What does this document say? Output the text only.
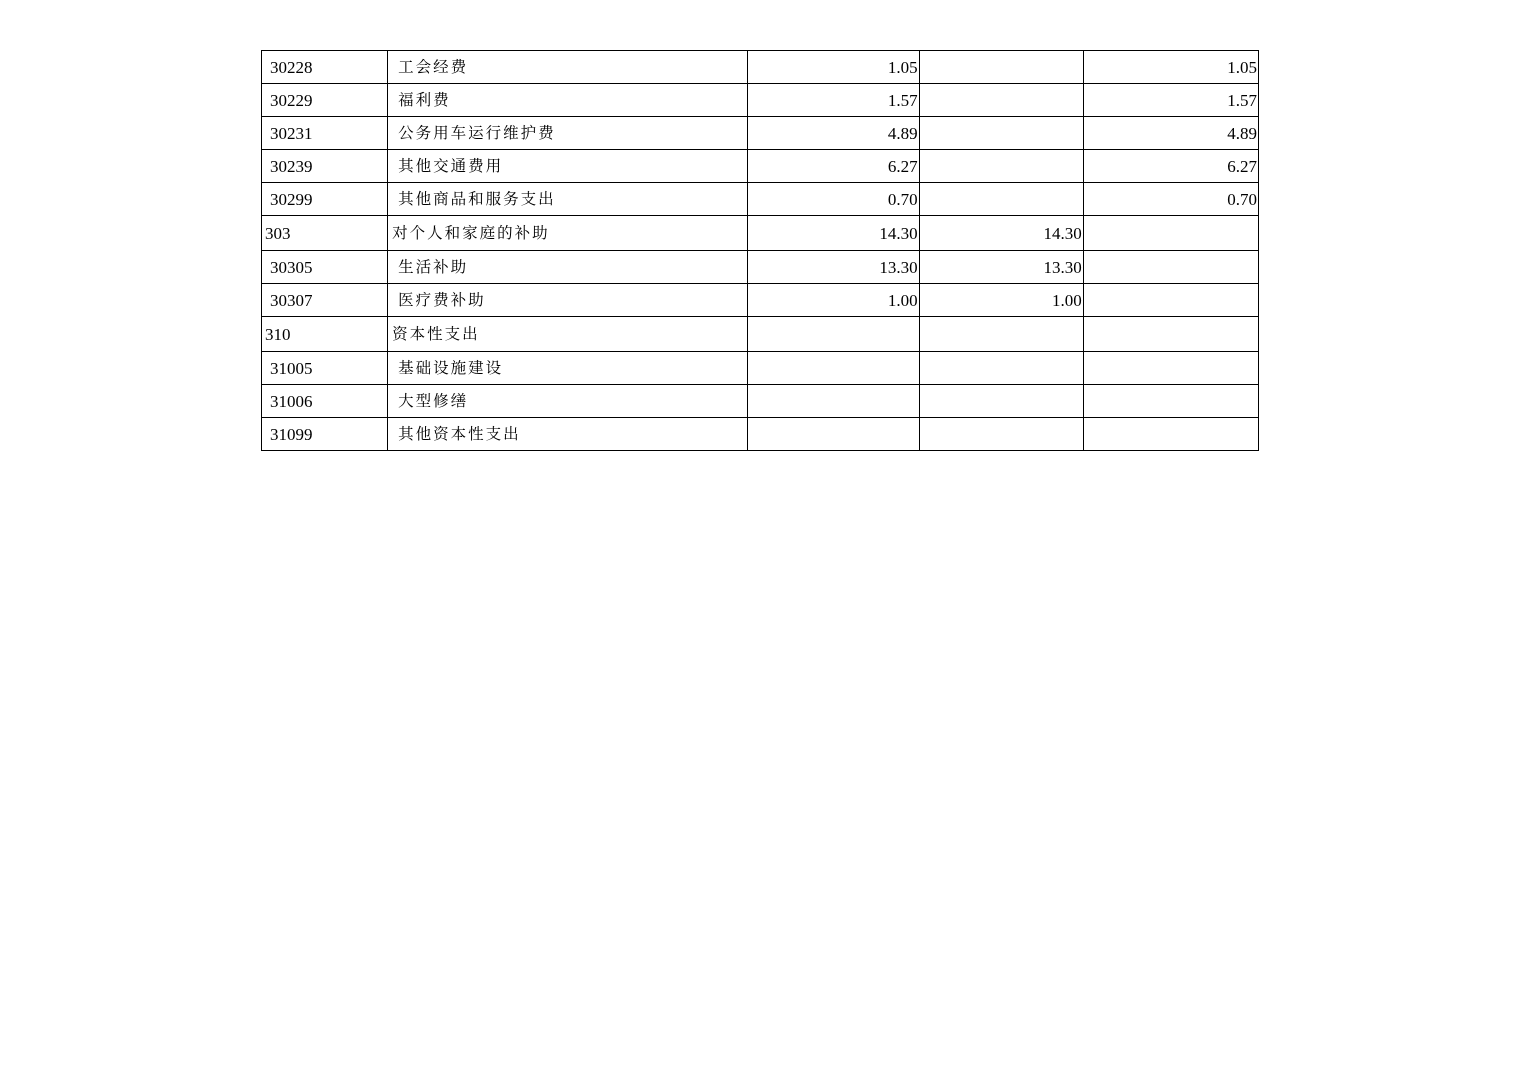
30228	工会经费	1.05		1.05
30229	福利费	1.57		1.57
30231	公务用车运行维护费	4.89		4.89
30239	其他交通费用	6.27		6.27
30299	其他商品和服务支出	0.70		0.70
303	对个人和家庭的补助	14.30	14.30	
30305	生活补助	13.30	13.30	
30307	医疗费补助	1.00	1.00	
310	资本性支出			
31005	基础设施建设			
31006	大型修缮			
31099	其他资本性支出			
